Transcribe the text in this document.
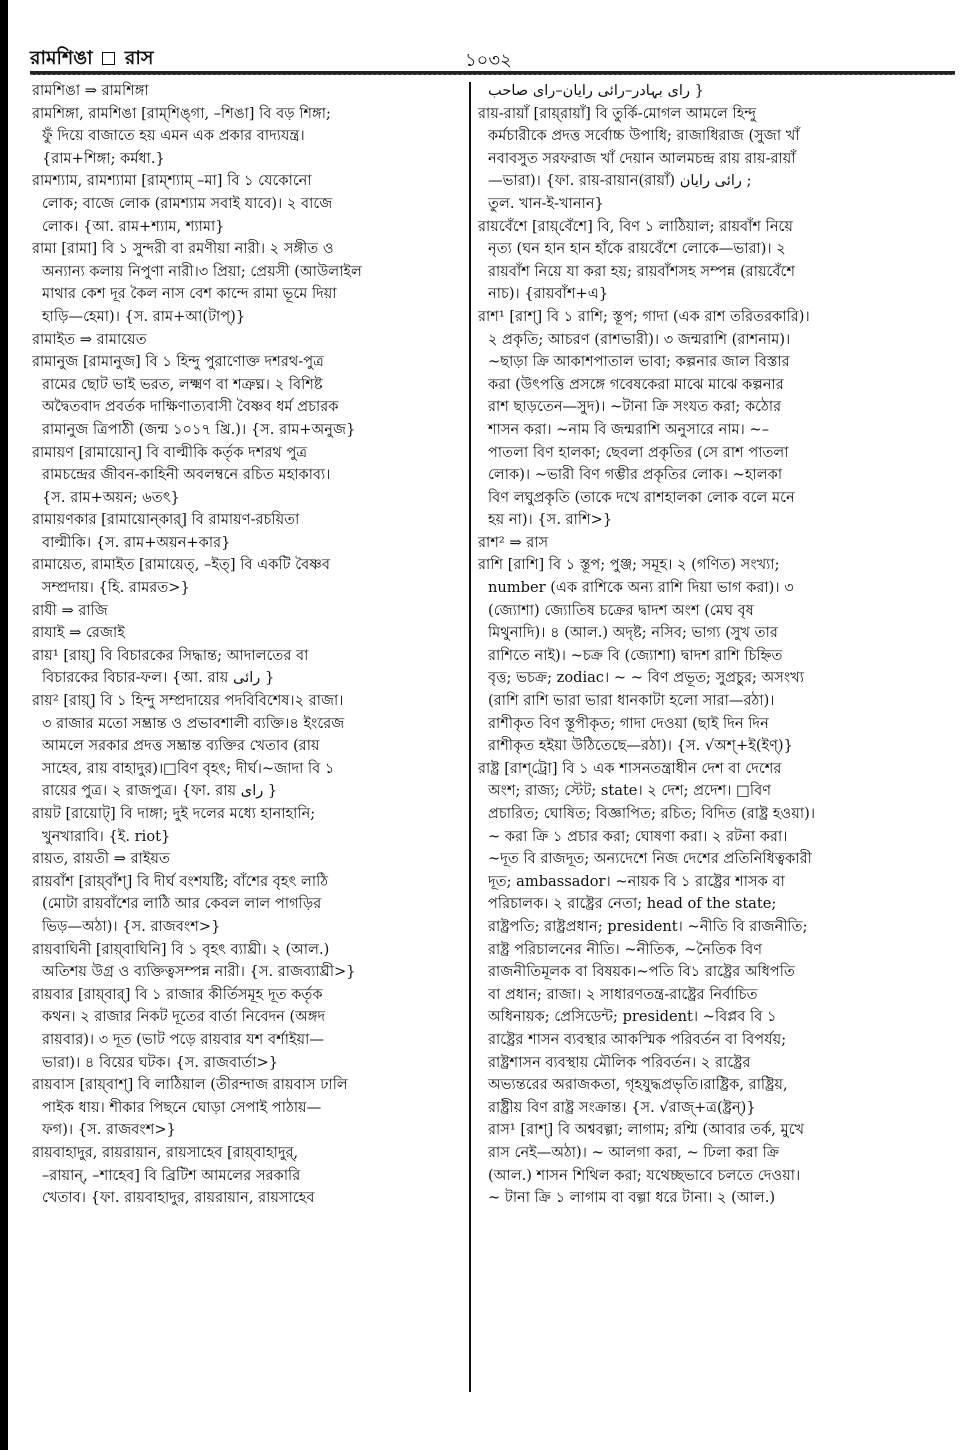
রামশিঙা রাস	১০৩২
রামশিঙা ⇒ রামশিঙ্গা
রামশিঙ্গা, রামশিঙা [রাম্‌শিঙ্‌গা, –শিঙা] বি বড় শিঙ্গা;
ফুঁ দিয়ে বাজাতে হয় এমন এক প্রকার বাদ্যযন্ত্র।
{রাম+শিঙ্গা; কর্মধা.}
রামশ্যাম, রামশ্যামা [রাম্‌শ্যাম্‌ –মা] বি ১ যেকোনো
লোক; বাজে লোক (রামশ্যাম সবাই যাবে)। ২ বাজে
লোক। {আ. রাম+শ্যাম, শ্যামা}
রামা [রামা] বি ১ সুন্দরী বা রমণীয়া নারী। ২ সঙ্গীত ও
অন্যান্য কলায় নিপুণা নারী।৩ প্রিয়া; প্রেয়সী (আউলাইল
মাথার কেশ দূর কৈল নাস বেশ কান্দে রামা ভূমে দিয়া
হাড়ি—হেমা)। {স. রাম+আ(টাপ্‌)}
রামাইত ⇒ রামায়েত
রামানুজ [রামানুজ] বি ১ হিন্দু পুরাণোক্ত দশরথ-পুত্র
রামের ছোট ভাই ভরত, লক্ষ্মণ বা শত্রুঘ্ন। ২ বিশিষ্ট
অদ্বৈতবাদ প্রবর্তক দাক্ষিণাত্যবাসী বৈষ্ণব ধর্ম প্রচারক
রামানুজ ত্রিপাঠী (জন্ম ১০১৭ খ্রি.)। {স. রাম+অনুজ}
রামায়ণ [রামায়োন্‌] বি বাল্মীকি কর্তৃক দশরথ পুত্র
রামচন্দ্রের জীবন-কাহিনী অবলম্বনে রচিত মহাকাব্য।
{স. রাম+অয়ন; ৬তৎ}
রামায়ণকার [রামায়োন্‌কার্‌] বি রামায়ণ-রচয়িতা
বাল্মীকি। {স. রাম+অয়ন+কার}
রামায়েত, রামাইত [রামায়েত্‌, –ইত্‌] বি একটি বৈষ্ণব
সম্প্রদায়। {হি. রামরত>}
রাযী ⇒ রাজি
রাযাই ⇒ রেজাই
রায়¹ [রায়্‌] বি বিচারকের সিদ্ধান্ত; আদালতের বা
বিচারকের বিচার-ফল। {আ. রায় رائی }
রায়² [রায়্‌] বি ১ হিন্দু সম্প্রদায়ের পদবিবিশেষ।২ রাজা।
৩ রাজার মতো সম্ভ্রান্ত ও প্রভাবশালী ব্যক্তি।৪ ইংরেজ
আমলে সরকার প্রদত্ত সম্ভ্রান্ত ব্যক্তির খেতাব (রায়
সাহেব, রায় বাহাদুর)।□বিণ বৃহৎ; দীর্ঘ।~জাদা বি ১
রায়ের পুত্র। ২ রাজপুত্র। {ফা. রায় رای }
রায়ট [রায়োট্‌] বি দাঙ্গা; দুই দলের মধ্যে হানাহানি;
খুনখারাবি। {ই. riot}
রায়ত, রায়তী ⇒ রাইয়ত
রায়বাঁশ [রায়্‌বাঁশ্‌] বি দীর্ঘ বংশযষ্টি; বাঁশের বৃহৎ লাঠি
(মোটা রায়বাঁশের লাঠি আর কেবল লাল পাগড়ির
ভিড়—অঠা)। {স. রাজবংশ>}
রায়বাঘিনী [রায়্‌বাঘিনি] বি ১ বৃহৎ ব্যাঘ্রী। ২ (আল.)
অতিশয় উগ্র ও ব্যক্তিত্বসম্পন্ন নারী। {স. রাজব্যাঘ্রী>}
রায়বার [রায়্‌বার্‌] বি ১ রাজার কীর্তিসমূহ দূত কর্তৃক
কথন। ২ রাজার নিকট দূতের বার্তা নিবেদন (অঙ্গদ
রায়বার)। ৩ দূত (ভাট পড়ে রায়বার যশ বর্শাইয়া—
ভারা)। ৪ বিয়ের ঘটক। {স. রাজবার্তা>}
রায়বাস [রায়্‌বাশ্‌] বি লাঠিয়াল (তীরন্দাজ রায়বাস ঢালি
পাইক ধায়। শীকার পিছনে ঘোড়া সেপাই পাঠায়—
ফগ)। {স. রাজবংশ>}
রায়বাহাদুর, রায়রায়ান, রায়সাহেব [রায়্‌বাহাদুর্‌,
–রায়ান্‌, –শাহেব] বি ব্রিটিশ আমলের সরকারি
খেতাব। {ফা. রায়বাহাদুর, রায়রায়ান, রায়সাহেব
رای بہادر–رائی رایان–رای صاحب }
রায়-রায়াঁ [রায়্‌রায়াঁ] বি তুর্কি-মোগল আমলে হিন্দু
কর্মচারীকে প্রদত্ত সর্বোচ্চ উপাধি; রাজাধিরাজ (সুজা খাঁ
নবাবসুত সরফরাজ খাঁ দেয়ান আলমচন্দ্র রায় রায়-রায়াঁ
—ভারা)। {ফা. রায়-রায়ান(রায়াঁ) رائی رایان ;
তুল. খান-ই-খানান}
রায়বেঁশে [রায়্‌বেঁশে] বি, বিণ ১ লাঠিয়াল; রায়বাঁশ নিয়ে
নৃত্য (ঘন হান হান হাঁকে রায়বেঁশে লোকে—ভারা)। ২
রায়বাঁশ নিয়ে যা করা হয়; রায়বাঁশসহ সম্পন্ন (রায়বেঁশে
নাচ)। {রায়বাঁশ+এ}
রাশ¹ [রাশ্‌] বি ১ রাশি; স্তূপ; গাদা (এক রাশ তরিতরকারি)।
২ প্রকৃতি; আচরণ (রাশভারী)। ৩ জন্মরাশি (রাশনাম)।
~ছাড়া ক্রি আকাশপাতাল ভাবা; কল্পনার জাল বিস্তার
করা (উৎপত্তি প্রসঙ্গে গবেষকেরা মাঝে মাঝে কল্পনার
রাশ ছাড়তেন—সুদ)। ~টানা ক্রি সংযত করা; কঠোর
শাসন করা। ~নাম বি জন্মরাশি অনুসারে নাম। ~–
পাতলা বিণ হালকা; ছেবলা প্রকৃতির (সে রাশ পাতলা
লোক)। ~ভারী বিণ গম্ভীর প্রকৃতির লোক। ~হালকা
বিণ লঘুপ্রকৃতি (তাকে দখে রাশহালকা লোক বলে মনে
হয় না)। {স. রাশি>}
রাশ² ⇒ রাস
রাশি [রাশি] বি ১ স্তূপ; পুঞ্জ; সমূহ। ২ (গণিত) সংখ্যা;
number (এক রাশিকে অন্য রাশি দিয়া ভাগ করা)। ৩
(জ্যোশা) জ্যোতিষ চক্রের দ্বাদশ অংশ (মেঘ বৃষ
মিথুনাদি)। ৪ (আল.) অদৃষ্ট; নসিব; ভাগ্য (সুখ তার
রাশিতে নাই)। ~চক্র বি (জ্যোশা) দ্বাদশ রাশি চিহ্নিত
বৃত্ত; ভচক্র; zodiac। ~ ~ বিণ প্রভূত; সুপ্রচুর; অসংখ্য
(রাশি রাশি ভারা ভারা ধানকাটা হলো সারা—রঠা)।
রাশীকৃত বিণ স্তূপীকৃত; গাদা দেওয়া (ছাই দিন দিন
রাশীকৃত হইয়া উঠিতেছে—রঠা)। {স. √অশ্‌+ই(ইণ্‌)}
রাষ্ট্র [রাশ্‌ট্রো] বি ১ এক শাসনতন্ত্রাধীন দেশ বা দেশের
অংশ; রাজ্য; স্টেট; state। ২ দেশ; প্রদেশ। □বিণ
প্রচারিত; ঘোষিত; বিজ্ঞাপিত; রচিত; বিদিত (রাষ্ট্র হওয়া)।
~ করা ক্রি ১ প্রচার করা; ঘোষণা করা। ২ রটনা করা।
~দূত বি রাজদূত; অন্যদেশে নিজ দেশের প্রতিনিধিত্বকারী
দূত; ambassador। ~নায়ক বি ১ রাষ্ট্রের শাসক বা
পরিচালক। ২ রাষ্ট্রের নেতা; head of the state;
রাষ্ট্রপতি; রাষ্ট্রপ্রধান; president। ~নীতি বি রাজনীতি;
রাষ্ট্র পরিচালনের নীতি। ~নীতিক, ~নৈতিক বিণ
রাজনীতিমূলক বা বিষয়ক।~পতি বি১ রাষ্ট্রের অধিপতি
বা প্রধান; রাজা। ২ সাধারণতন্ত্র-রাষ্ট্রের নির্বাচিত
অধিনায়ক; প্রেসিডেন্ট; president। ~বিপ্লব বি ১
রাষ্ট্রের শাসন ব্যবস্থার আকস্মিক পরিবর্তন বা বিপর্যয়;
রাষ্ট্রশাসন ব্যবস্থায় মৌলিক পরিবর্তন। ২ রাষ্ট্রের
অভ্যন্তরের অরাজকতা, গৃহযুদ্ধপ্রভৃতি।রাষ্ট্রিক, রাষ্ট্রিয়,
রাষ্ট্রীয় বিণ রাষ্ট্র সংক্রান্ত। {স. √রাজ্‌+ত্র(ষ্ট্রন্‌)}
রাস¹ [রাশ্‌] বি অশ্ববল্গা; লাগাম; রশ্মি (আবার তর্ক, মুখে
রাস নেই—অঠা)। ~ আলগা করা, ~ ঢিলা করা ক্রি
(আল.) শাসন শিথিল করা; যথেচ্ছভাবে চলতে দেওয়া।
~ টানা ক্রি ১ লাগাম বা বল্গা ধরে টানা। ২ (আল.)
